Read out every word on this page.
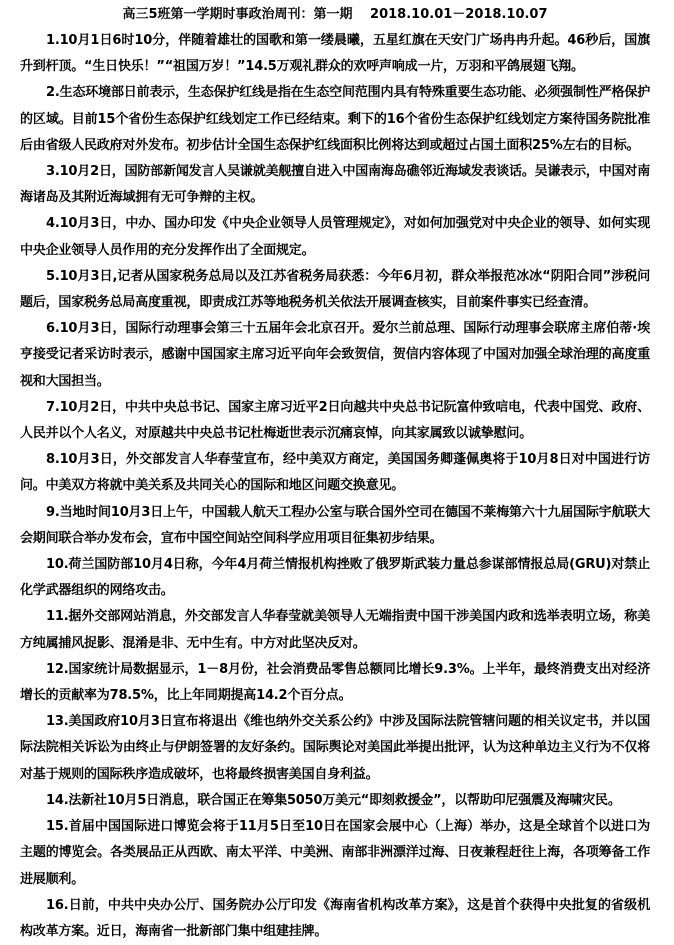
高三5班第一学期时事政治周刊：第一期　 2018.10.01－2018.10.07

1.10月1日6时10分，伴随着雄壮的国歌和第一缕晨曦，五星红旗在天安门广场冉冉升起。46秒后，国旗升到杆顶。“生日快乐！”“祖国万岁！”14.5万观礼群众的欢呼声响成一片，万羽和平鸽展翅飞翔。

2.生态环境部日前表示，生态保护红线是指在生态空间范围内具有特殊重要生态功能、必须强制性严格保护的区域。目前15个省份生态保护红线划定工作已经结束。剩下的16个省份生态保护红线划定方案待国务院批准后由省级人民政府对外发布。初步估计全国生态保护红线面积比例将达到或超过占国土面积25%左右的目标。

3.10月2日，国防部新闻发言人吴谦就美舰擅自进入中国南海岛礁邻近海域发表谈话。吴谦表示，中国对南海诸岛及其附近海域拥有无可争辩的主权。

4.10月3日，中办、国办印发《中央企业领导人员管理规定》，对如何加强党对中央企业的领导、如何实现中央企业领导人员作用的充分发挥作出了全面规定。

5.10月3日,记者从国家税务总局以及江苏省税务局获悉：今年6月初，群众举报范冰冰“阴阳合同”涉税问题后，国家税务总局高度重视，即责成江苏等地税务机关依法开展调查核实，目前案件事实已经查清。

6.10月3日，国际行动理事会第三十五届年会北京召开。爱尔兰前总理、国际行动理事会联席主席伯蒂·埃亨接受记者采访时表示，感谢中国国家主席习近平向年会致贺信，贺信内容体现了中国对加强全球治理的高度重视和大国担当。

7.10月2日，中共中央总书记、国家主席习近平2日向越共中央总书记阮富仲致唁电，代表中国党、政府、人民并以个人名义，对原越共中央总书记杜梅逝世表示沉痛哀悼，向其家属致以诚挚慰问。

8.10月3日，外交部发言人华春莹宣布，经中美双方商定，美国国务卿蓬佩奥将于10月8日对中国进行访问。中美双方将就中美关系及共同关心的国际和地区问题交换意见。

9.当地时间10月3日上午，中国载人航天工程办公室与联合国外空司在德国不莱梅第六十九届国际宇航联大会期间联合举办发布会，宣布中国空间站空间科学应用项目征集初步结果。

10.荷兰国防部10月4日称，今年4月荷兰情报机构挫败了俄罗斯武装力量总参谋部情报总局(GRU)对禁止化学武器组织的网络攻击。

11.据外交部网站消息，外交部发言人华春莹就美领导人无端指责中国干涉美国内政和选举表明立场，称美方纯属捕风捉影、混淆是非、无中生有。中方对此坚决反对。

12.国家统计局数据显示，1－8月份，社会消费品零售总额同比增长9.3%。上半年，最终消费支出对经济增长的贡献率为78.5%，比上年同期提高14.2个百分点。

13.美国政府10月3日宣布将退出《维也纳外交关系公约》中涉及国际法院管辖问题的相关议定书，并以国际法院相关诉讼为由终止与伊朗签署的友好条约。国际舆论对美国此举提出批评，认为这种单边主义行为不仅将对基于规则的国际秩序造成破坏，也将最终损害美国自身利益。

14.法新社10月5日消息，联合国正在筹集5050万美元“即刻救援金”，以帮助印尼强震及海啸灾民。

15.首届中国国际进口博览会将于11月5日至10日在国家会展中心（上海）举办，这是全球首个以进口为主题的博览会。各类展品正从西欧、南太平洋、中美洲、南部非洲漂洋过海、日夜兼程赶往上海，各项筹备工作进展顺利。

16.日前，中共中央办公厅、国务院办公厅印发《海南省机构改革方案》，这是首个获得中央批复的省级机构改革方案。近日，海南省一批新部门集中组建挂牌。
